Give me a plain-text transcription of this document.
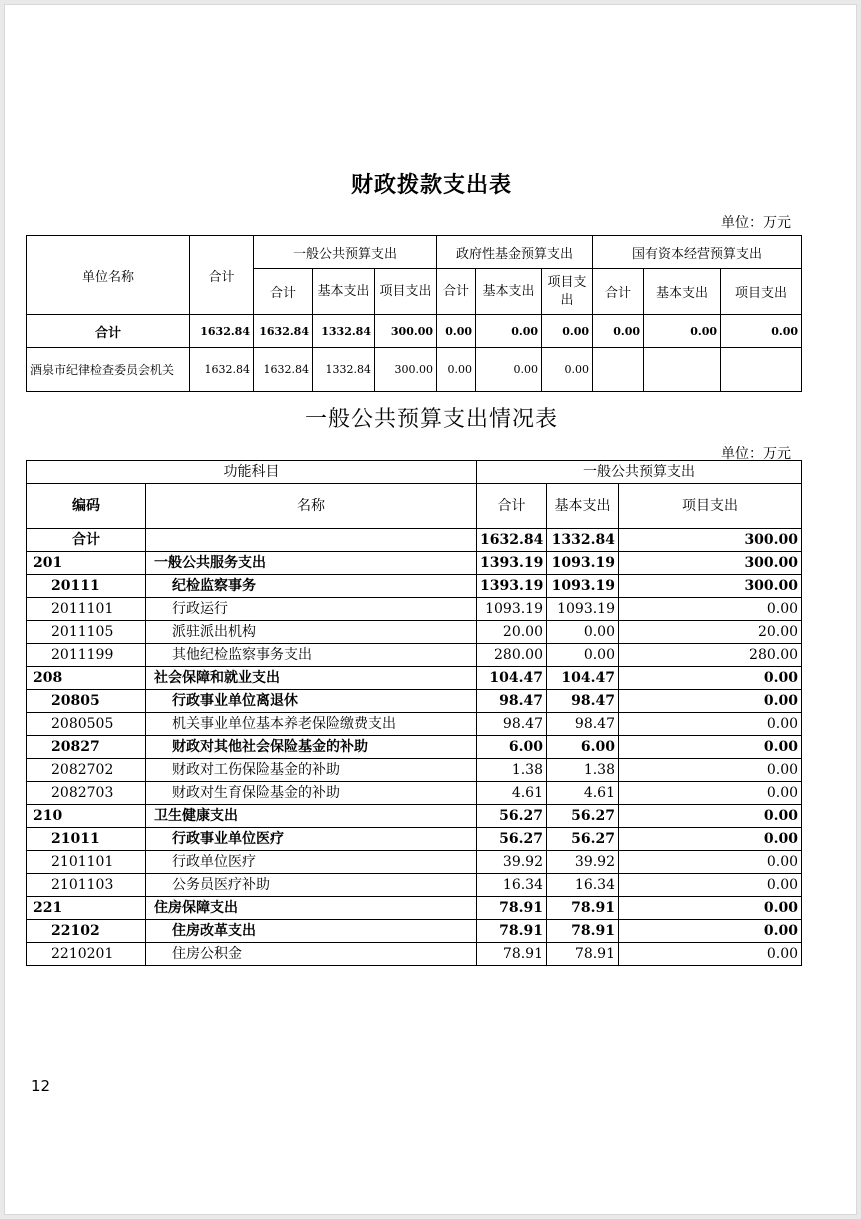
财政拨款支出表
单位：万元
单位名称	合计	一般公共预算支出			政府性基金预算支出			国有资本经营预算支出		
		合计	基本支出	项目支出	合计	基本支出	项目支出	合计	基本支出	项目支出
合计	1632.84	1632.84	1332.84	300.00	0.00	0.00	0.00	0.00	0.00	0.00
酒泉市纪律检查委员会机关	1632.84	1632.84	1332.84	300.00	0.00	0.00	0.00			
一般公共预算支出情况表
单位：万元
功能科目		一般公共预算支出		
编码	名称	合计	基本支出	项目支出
合计		1632.84	1332.84	300.00
201	一般公共服务支出	1393.19	1093.19	300.00
20111	纪检监察事务	1393.19	1093.19	300.00
2011101	行政运行	1093.19	1093.19	0.00
2011105	派驻派出机构	20.00	0.00	20.00
2011199	其他纪检监察事务支出	280.00	0.00	280.00
208	社会保障和就业支出	104.47	104.47	0.00
20805	行政事业单位离退休	98.47	98.47	0.00
2080505	机关事业单位基本养老保险缴费支出	98.47	98.47	0.00
20827	财政对其他社会保险基金的补助	6.00	6.00	0.00
2082702	财政对工伤保险基金的补助	1.38	1.38	0.00
2082703	财政对生育保险基金的补助	4.61	4.61	0.00
210	卫生健康支出	56.27	56.27	0.00
21011	行政事业单位医疗	56.27	56.27	0.00
2101101	行政单位医疗	39.92	39.92	0.00
2101103	公务员医疗补助	16.34	16.34	0.00
221	住房保障支出	78.91	78.91	0.00
22102	住房改革支出	78.91	78.91	0.00
2210201	住房公积金	78.91	78.91	0.00
12
